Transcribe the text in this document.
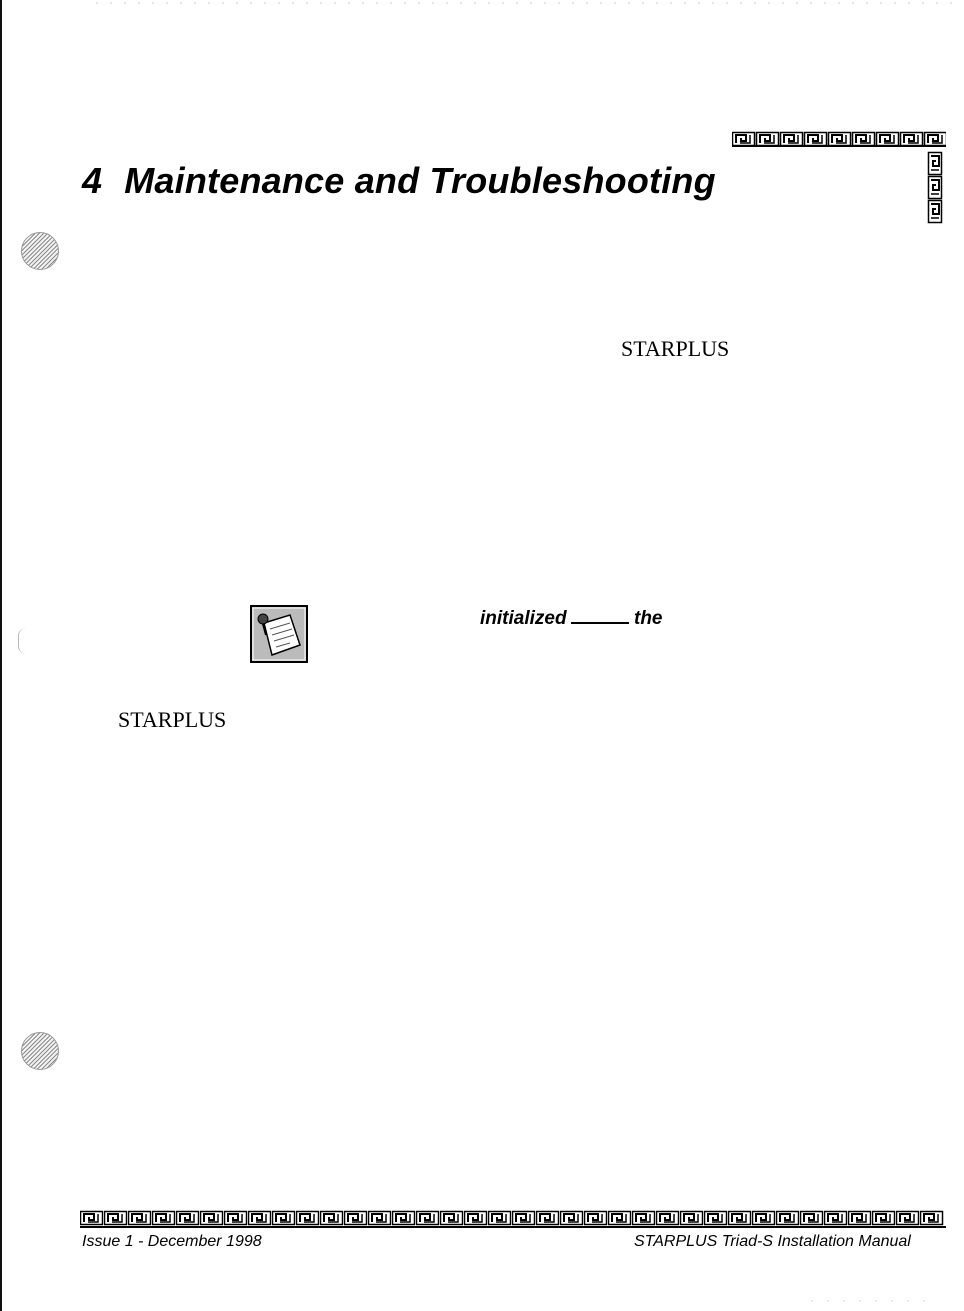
4 Maintenance and Troubleshooting
STARPLUS
initialized	the
STARPLUS
Issue 1 - December 1998	STARPLUS Triad-S Installation Manual
